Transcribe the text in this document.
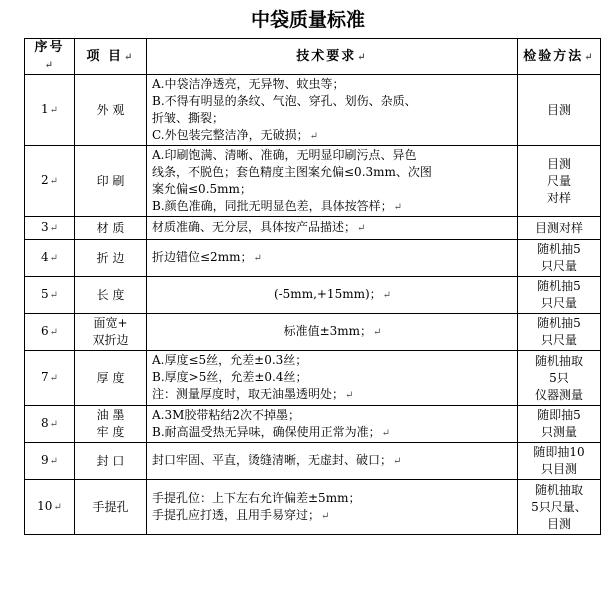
中袋质量标准
序号↵	项 目↵	技术要求↵	检验方法↵

1↵	外 观	A.中袋洁净透亮，无异物、蚊虫等；
B.不得有明显的条纹、气泡、穿孔、划伤、杂质、
折皱、撕裂；
C.外包装完整洁净，无破损；↵	目测

2↵	印 刷	A.印刷饱满、清晰、准确，无明显印刷污点、异色
线条，不脱色；套色精度主图案允偏≤0.3mm、次图
案允偏≤0.5mm；
B.颜色准确，同批无明显色差，具体按答样；↵	目测
尺量
对样

3↵	材 质	材质准确、无分层，具体按产品描述；↵	目测对样

4↵	折 边	折边错位≤2mm；↵	随机抽5
只尺量

5↵	长 度	(-5mm,+15mm)；↵	随机抽5
只尺量

6↵	面宽+
双折边	标准值±3mm；↵	随机抽5
只尺量

7↵	厚 度	A.厚度≤5丝，允差±0.3丝；
B.厚度>5丝，允差±0.4丝；
注：测量厚度时，取无油墨透明处；↵	随机抽取
5只
仪器测量

8↵	油 墨
牢 度	A.3M胶带粘结2次不掉墨；
B.耐高温受热无异味，确保使用正常为准；↵	随即抽5
只测量

9↵	封 口	封口牢固、平直，烫缝清晰，无虚封、破口；↵	随即抽10
只目测

10↵	手提孔	手提孔位：上下左右允许偏差±5mm；
手提孔应打透，且用手易穿过；↵	随机抽取
5只尺量、
目测
